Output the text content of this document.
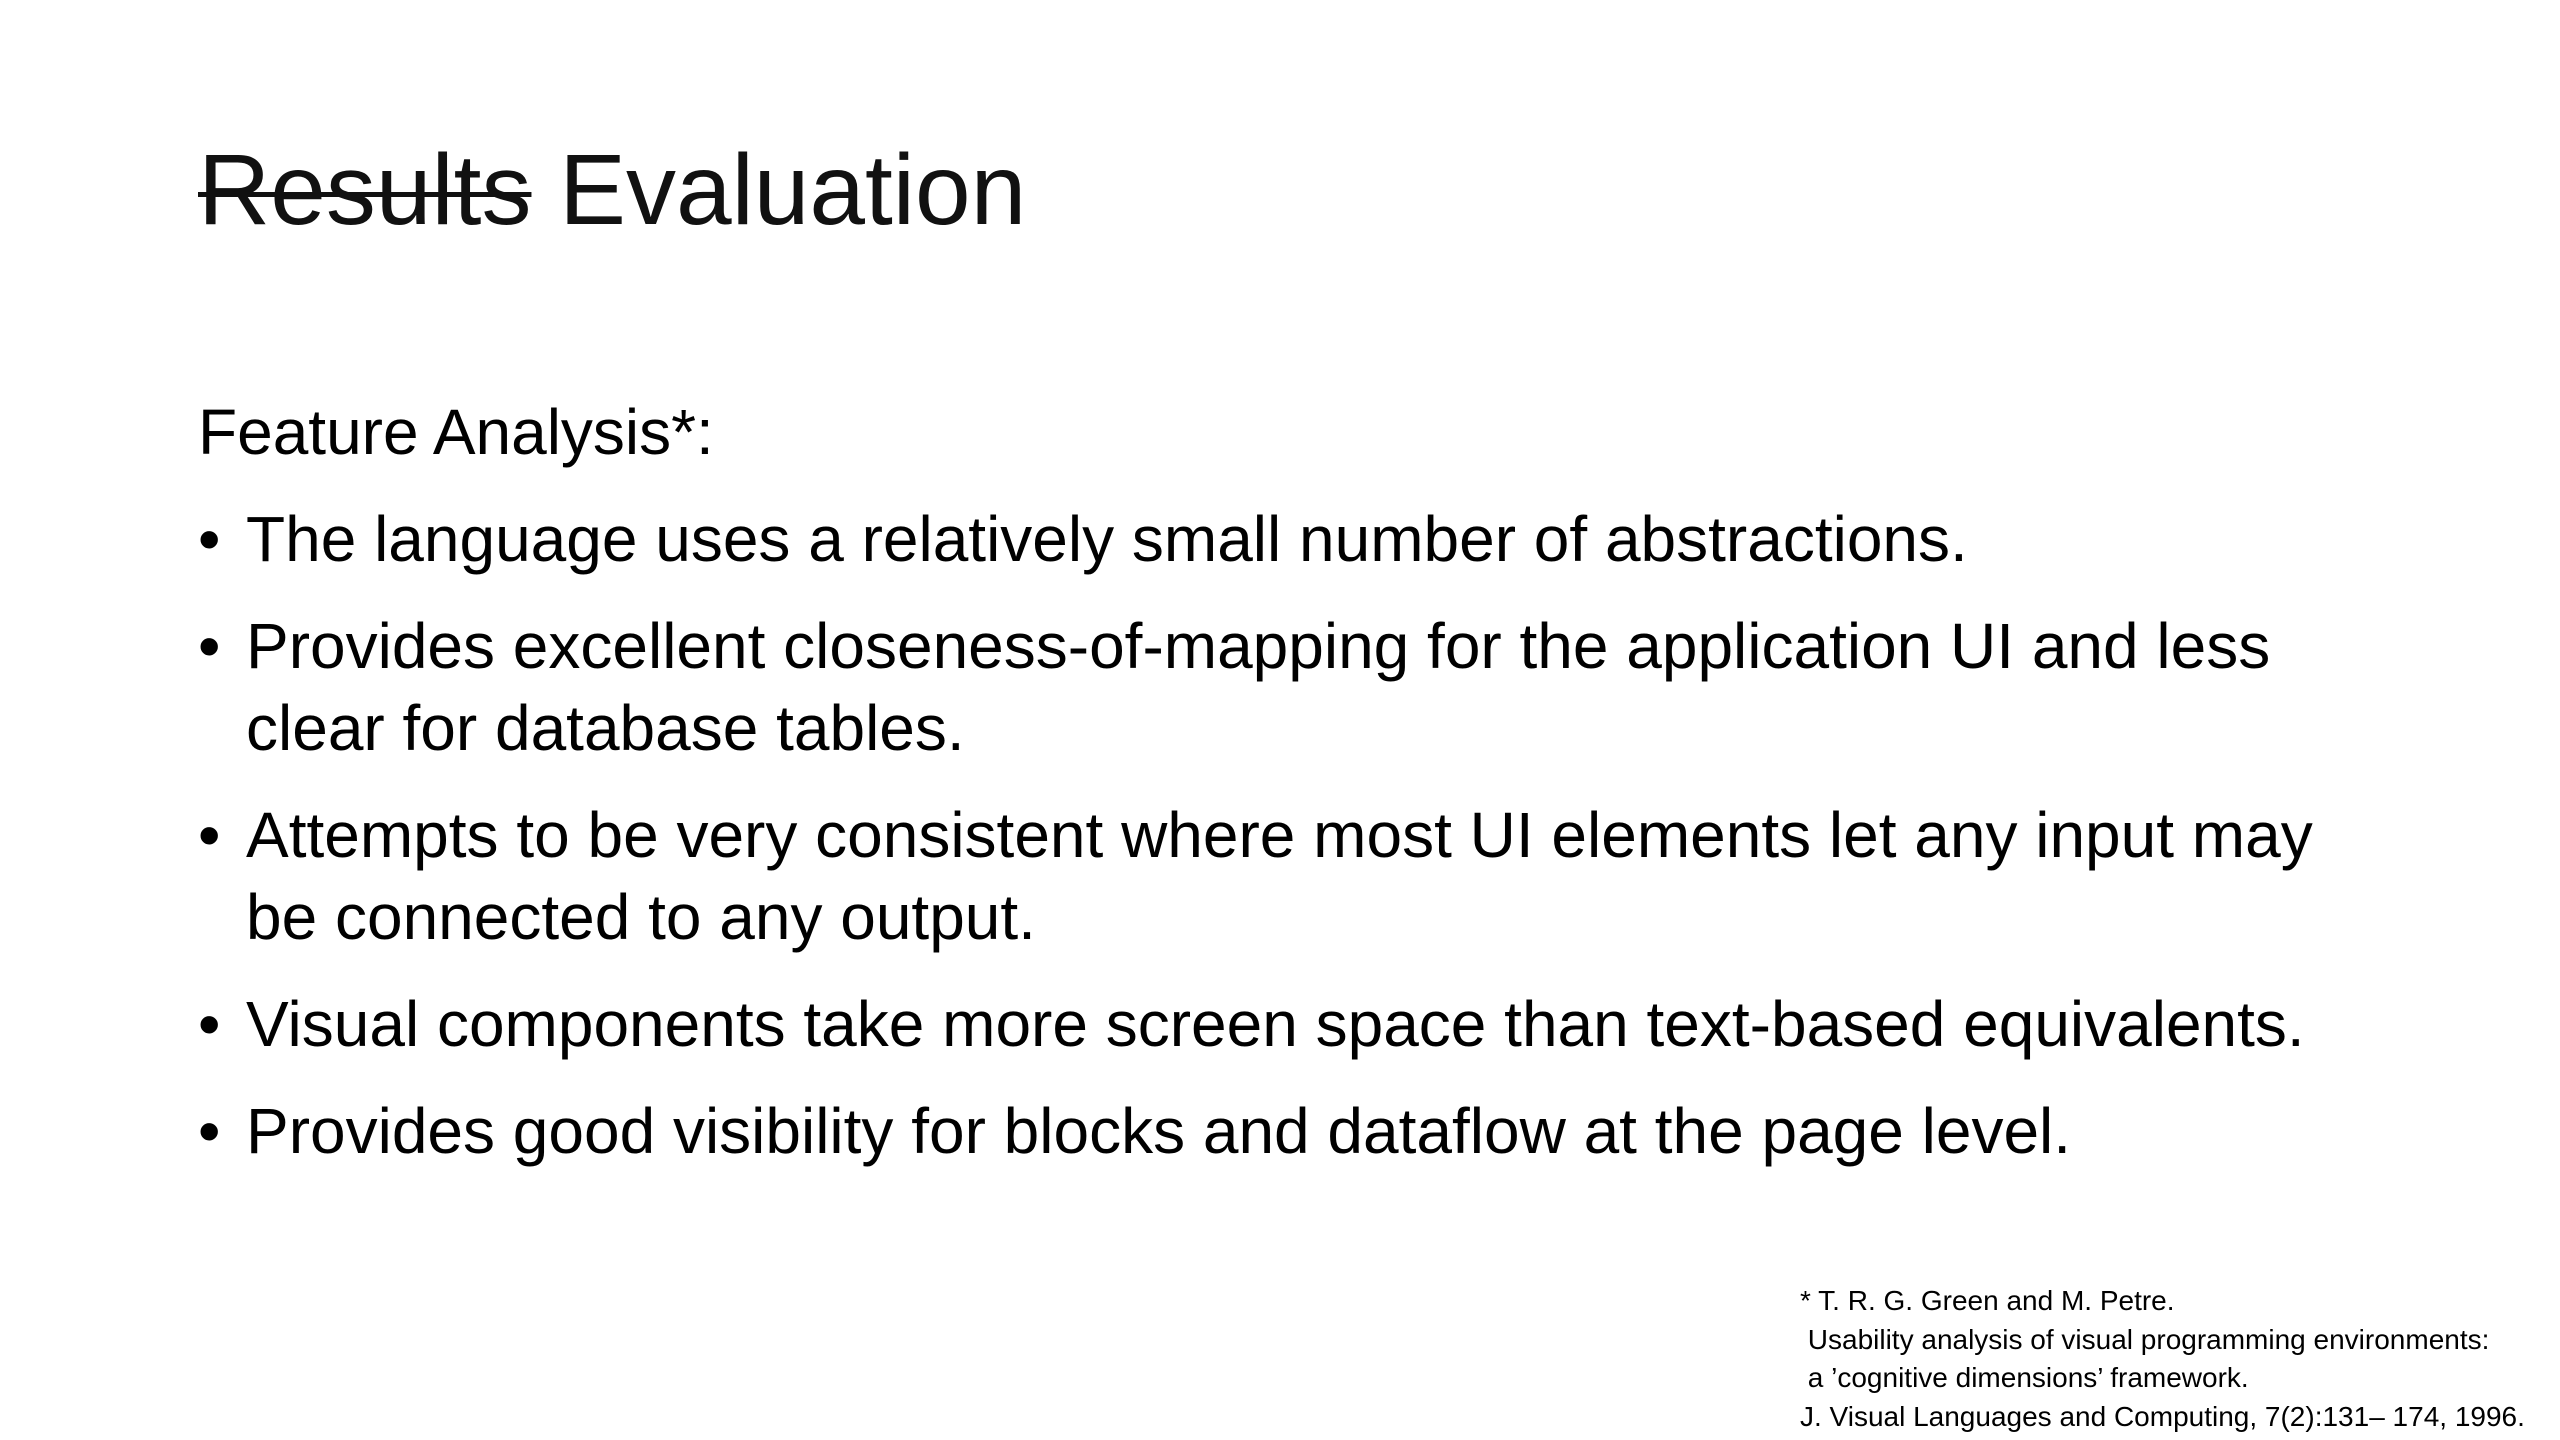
Results Evaluation
Feature Analysis*:
• The language uses a relatively small number of abstractions.
• Provides excellent closeness-of-mapping for the application UI and less clear for database tables.
• Attempts to be very consistent where most UI elements let any input may be connected to any output.
• Visual components take more screen space than text-based equivalents.
• Provides good visibility for blocks and dataflow at the page level.
* T. R. G. Green and M. Petre.
Usability analysis of visual programming environments:
a ’cognitive dimensions’ framework.
J. Visual Languages and Computing, 7(2):131– 174, 1996.
